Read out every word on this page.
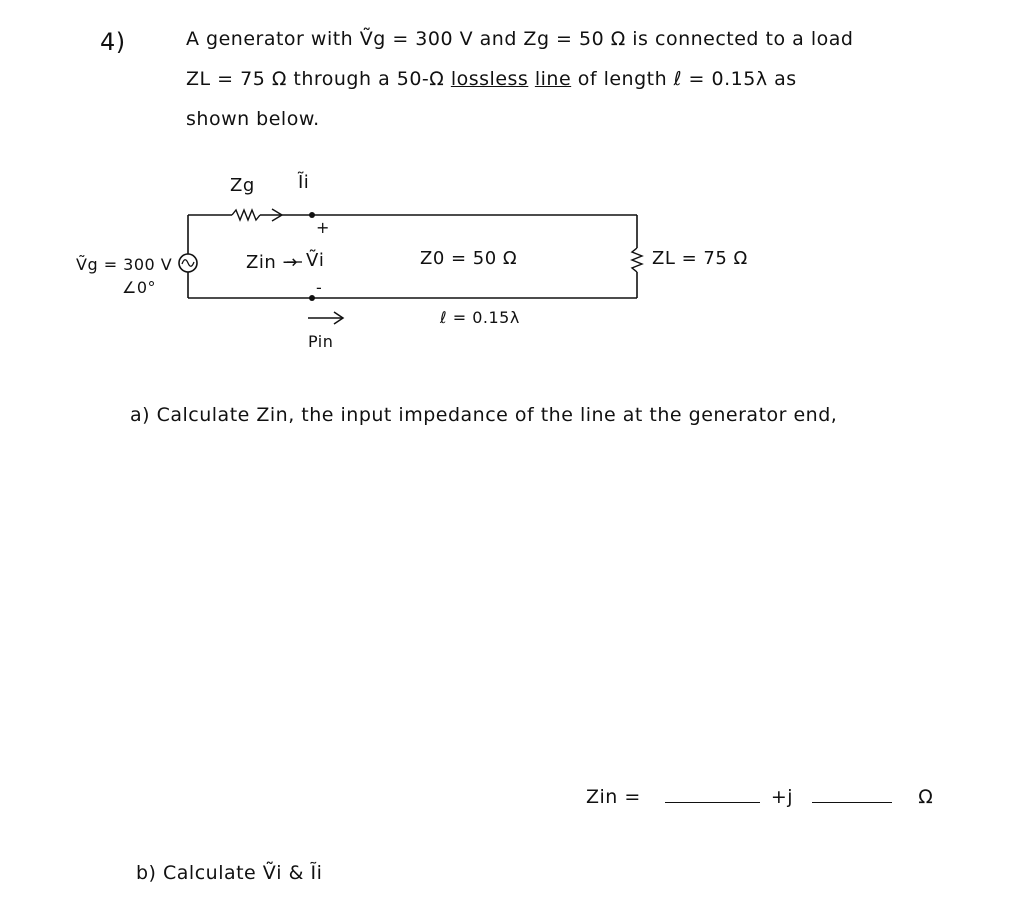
4)	A generator with Ṽg = 300 V and Zg = 50 Ω is connected to a load
ZL = 75 Ω through a 50-Ω lossless line of length ℓ = 0.15λ as
shown below.
Zg Ĩi
+
-
Zin → Ṽi
Ṽg = 300 V
∠0°
Z0 = 50 Ω	ZL = 75 Ω
ℓ = 0.15λ
Pin
a) Calculate Zin, the input impedance of the line at the generator end,
Zin =	+j	Ω
b) Calculate Ṽi & Ĩi
